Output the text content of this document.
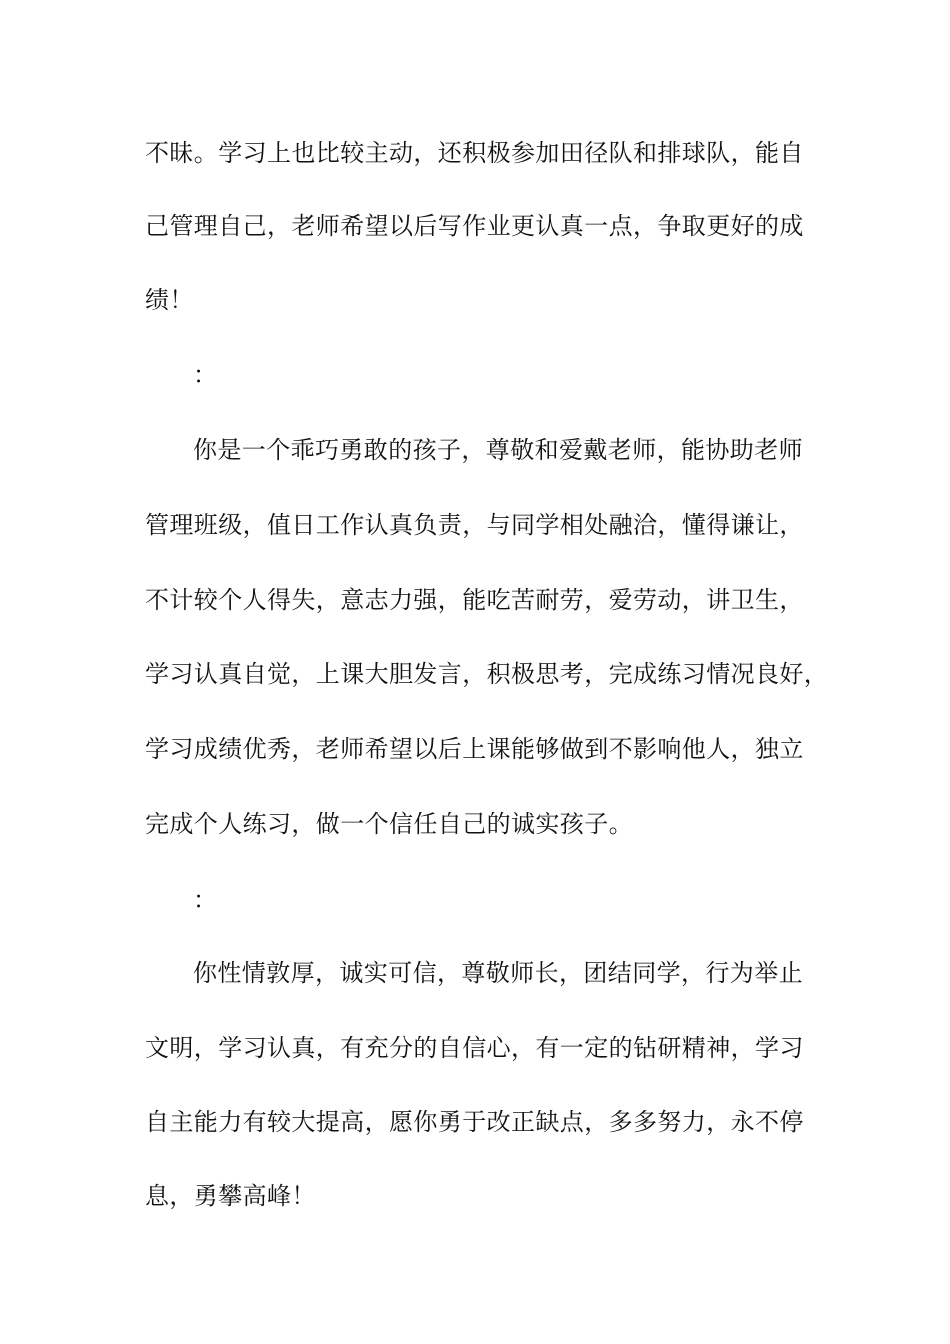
不昧。学习上也比较主动，还积极参加田径队和排球队，能自
己管理自己，老师希望以后写作业更认真一点，争取更好的成
绩！
：
你是一个乖巧勇敢的孩子，尊敬和爱戴老师，能协助老师
管理班级，值日工作认真负责，与同学相处融洽，懂得谦让，
不计较个人得失，意志力强，能吃苦耐劳，爱劳动，讲卫生，
学习认真自觉，上课大胆发言，积极思考，完成练习情况良好，
学习成绩优秀，老师希望以后上课能够做到不影响他人，独立
完成个人练习，做一个信任自己的诚实孩子。
：
你性情敦厚，诚实可信，尊敬师长，团结同学，行为举止
文明，学习认真，有充分的自信心，有一定的钻研精神，学习
自主能力有较大提高，愿你勇于改正缺点，多多努力，永不停
息，勇攀高峰！
